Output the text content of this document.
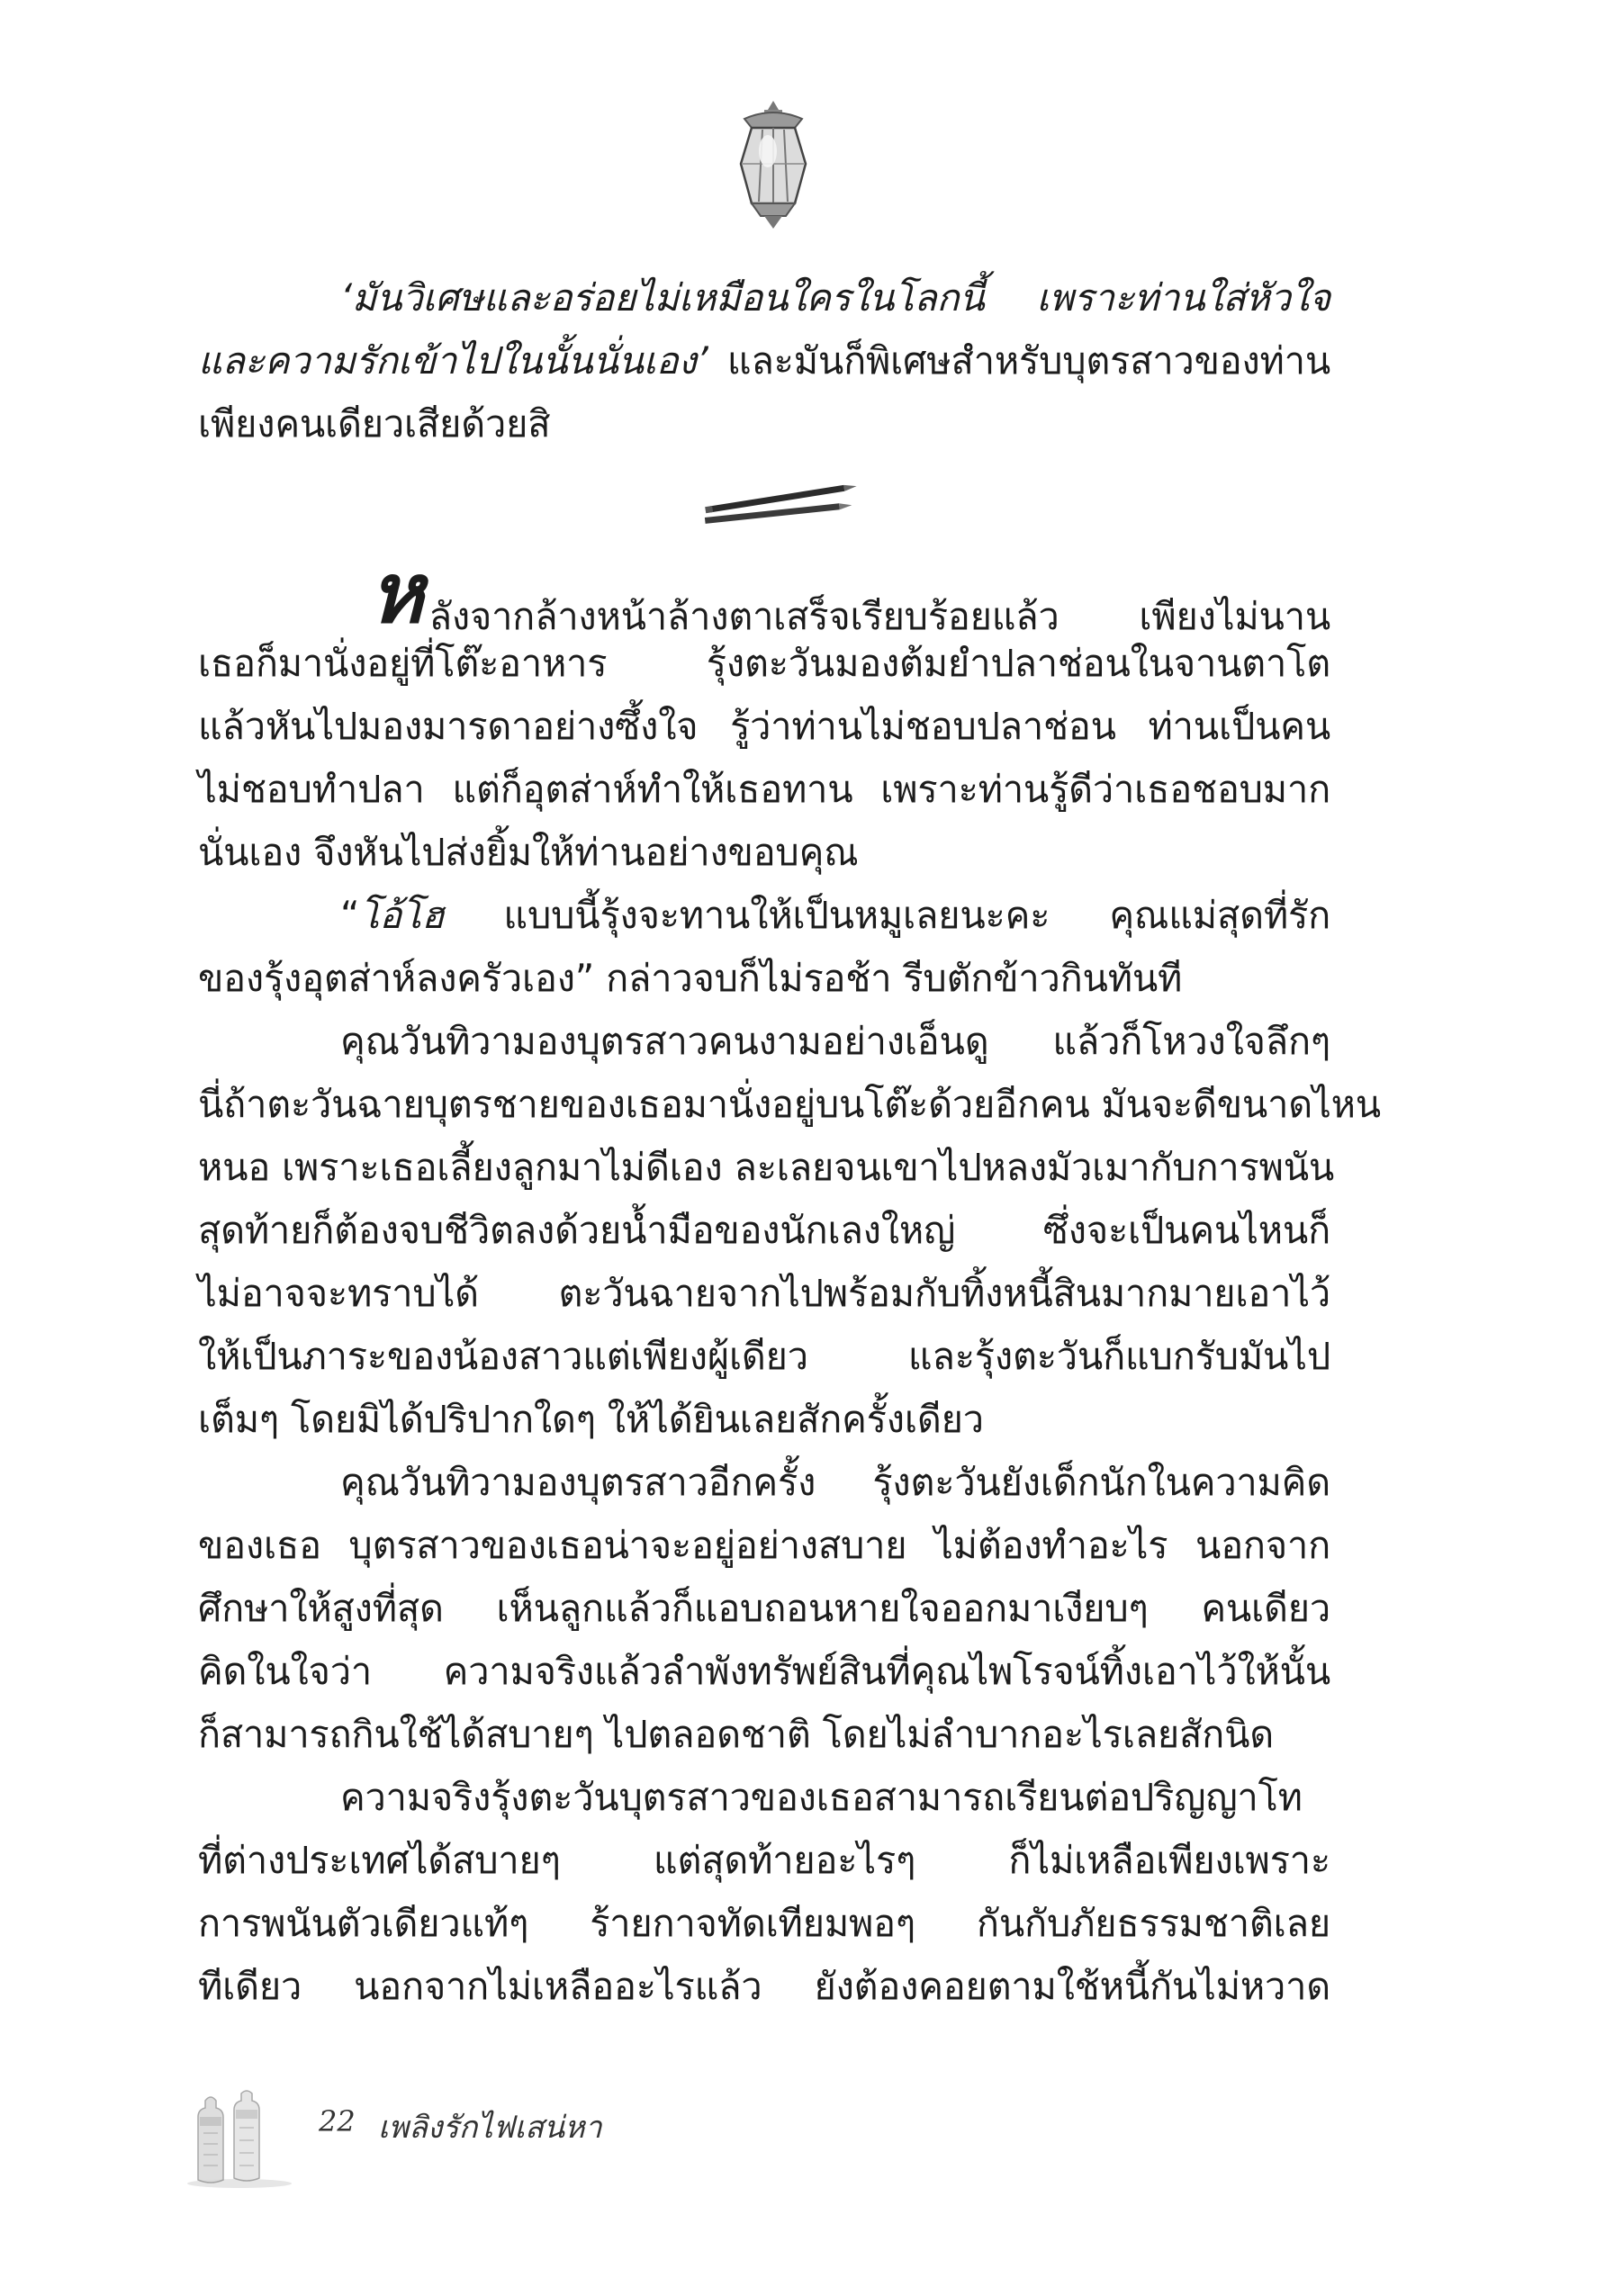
‘มันวิเศษและอร่อยไม่เหมือนใครในโลกนี้ เพราะท่านใส่หัวใจ
และความรักเข้าไปในนั้นนั่นเอง’ และมันก็พิเศษสำหรับบุตรสาวของท่าน
เพียงคนเดียวเสียด้วยสิ
หลังจากล้างหน้าล้างตาเสร็จเรียบร้อยแล้ว เพียงไม่นาน
เธอก็มานั่งอยู่ที่โต๊ะอาหาร รุ้งตะวันมองต้มยำปลาช่อนในจานตาโต
แล้วหันไปมองมารดาอย่างซึ้งใจ รู้ว่าท่านไม่ชอบปลาช่อน ท่านเป็นคน
ไม่ชอบทำปลา แต่ก็อุตส่าห์ทำให้เธอทาน เพราะท่านรู้ดีว่าเธอชอบมาก
นั่นเอง จึงหันไปส่งยิ้มให้ท่านอย่างขอบคุณ
“โอ้โฮ แบบนี้รุ้งจะทานให้เป็นหมูเลยนะคะ คุณแม่สุดที่รัก
ของรุ้งอุตส่าห์ลงครัวเอง” กล่าวจบก็ไม่รอช้า รีบตักข้าวกินทันที
คุณวันทิวามองบุตรสาวคนงามอย่างเอ็นดู แล้วก็โหวงใจลึกๆ
นี่ถ้าตะวันฉายบุตรชายของเธอมานั่งอยู่บนโต๊ะด้วยอีกคน มันจะดีขนาดไหน
หนอ เพราะเธอเลี้ยงลูกมาไม่ดีเอง ละเลยจนเขาไปหลงมัวเมากับการพนัน
สุดท้ายก็ต้องจบชีวิตลงด้วยน้ำมือของนักเลงใหญ่ ซึ่งจะเป็นคนไหนก็
ไม่อาจจะทราบได้ ตะวันฉายจากไปพร้อมกับทิ้งหนี้สินมากมายเอาไว้
ให้เป็นภาระของน้องสาวแต่เพียงผู้เดียว และรุ้งตะวันก็แบกรับมันไป
เต็มๆ โดยมิได้ปริปากใดๆ ให้ได้ยินเลยสักครั้งเดียว
คุณวันทิวามองบุตรสาวอีกครั้ง รุ้งตะวันยังเด็กนักในความคิด
ของเธอ บุตรสาวของเธอน่าจะอยู่อย่างสบาย ไม่ต้องทำอะไร นอกจาก
ศึกษาให้สูงที่สุด เห็นลูกแล้วก็แอบถอนหายใจออกมาเงียบๆ คนเดียว
คิดในใจว่า ความจริงแล้วลำพังทรัพย์สินที่คุณไพโรจน์ทิ้งเอาไว้ให้นั้น
ก็สามารถกินใช้ได้สบายๆ ไปตลอดชาติ โดยไม่ลำบากอะไรเลยสักนิด
ความจริงรุ้งตะวันบุตรสาวของเธอสามารถเรียนต่อปริญญาโท
ที่ต่างประเทศได้สบายๆ แต่สุดท้ายอะไรๆ ก็ไม่เหลือเพียงเพราะ
การพนันตัวเดียวแท้ๆ ร้ายกาจทัดเทียมพอๆ กันกับภัยธรรมชาติเลย
ทีเดียว นอกจากไม่เหลืออะไรแล้ว ยังต้องคอยตามใช้หนี้กันไม่หวาด
22 เพลิงรักไฟเสน่หา
